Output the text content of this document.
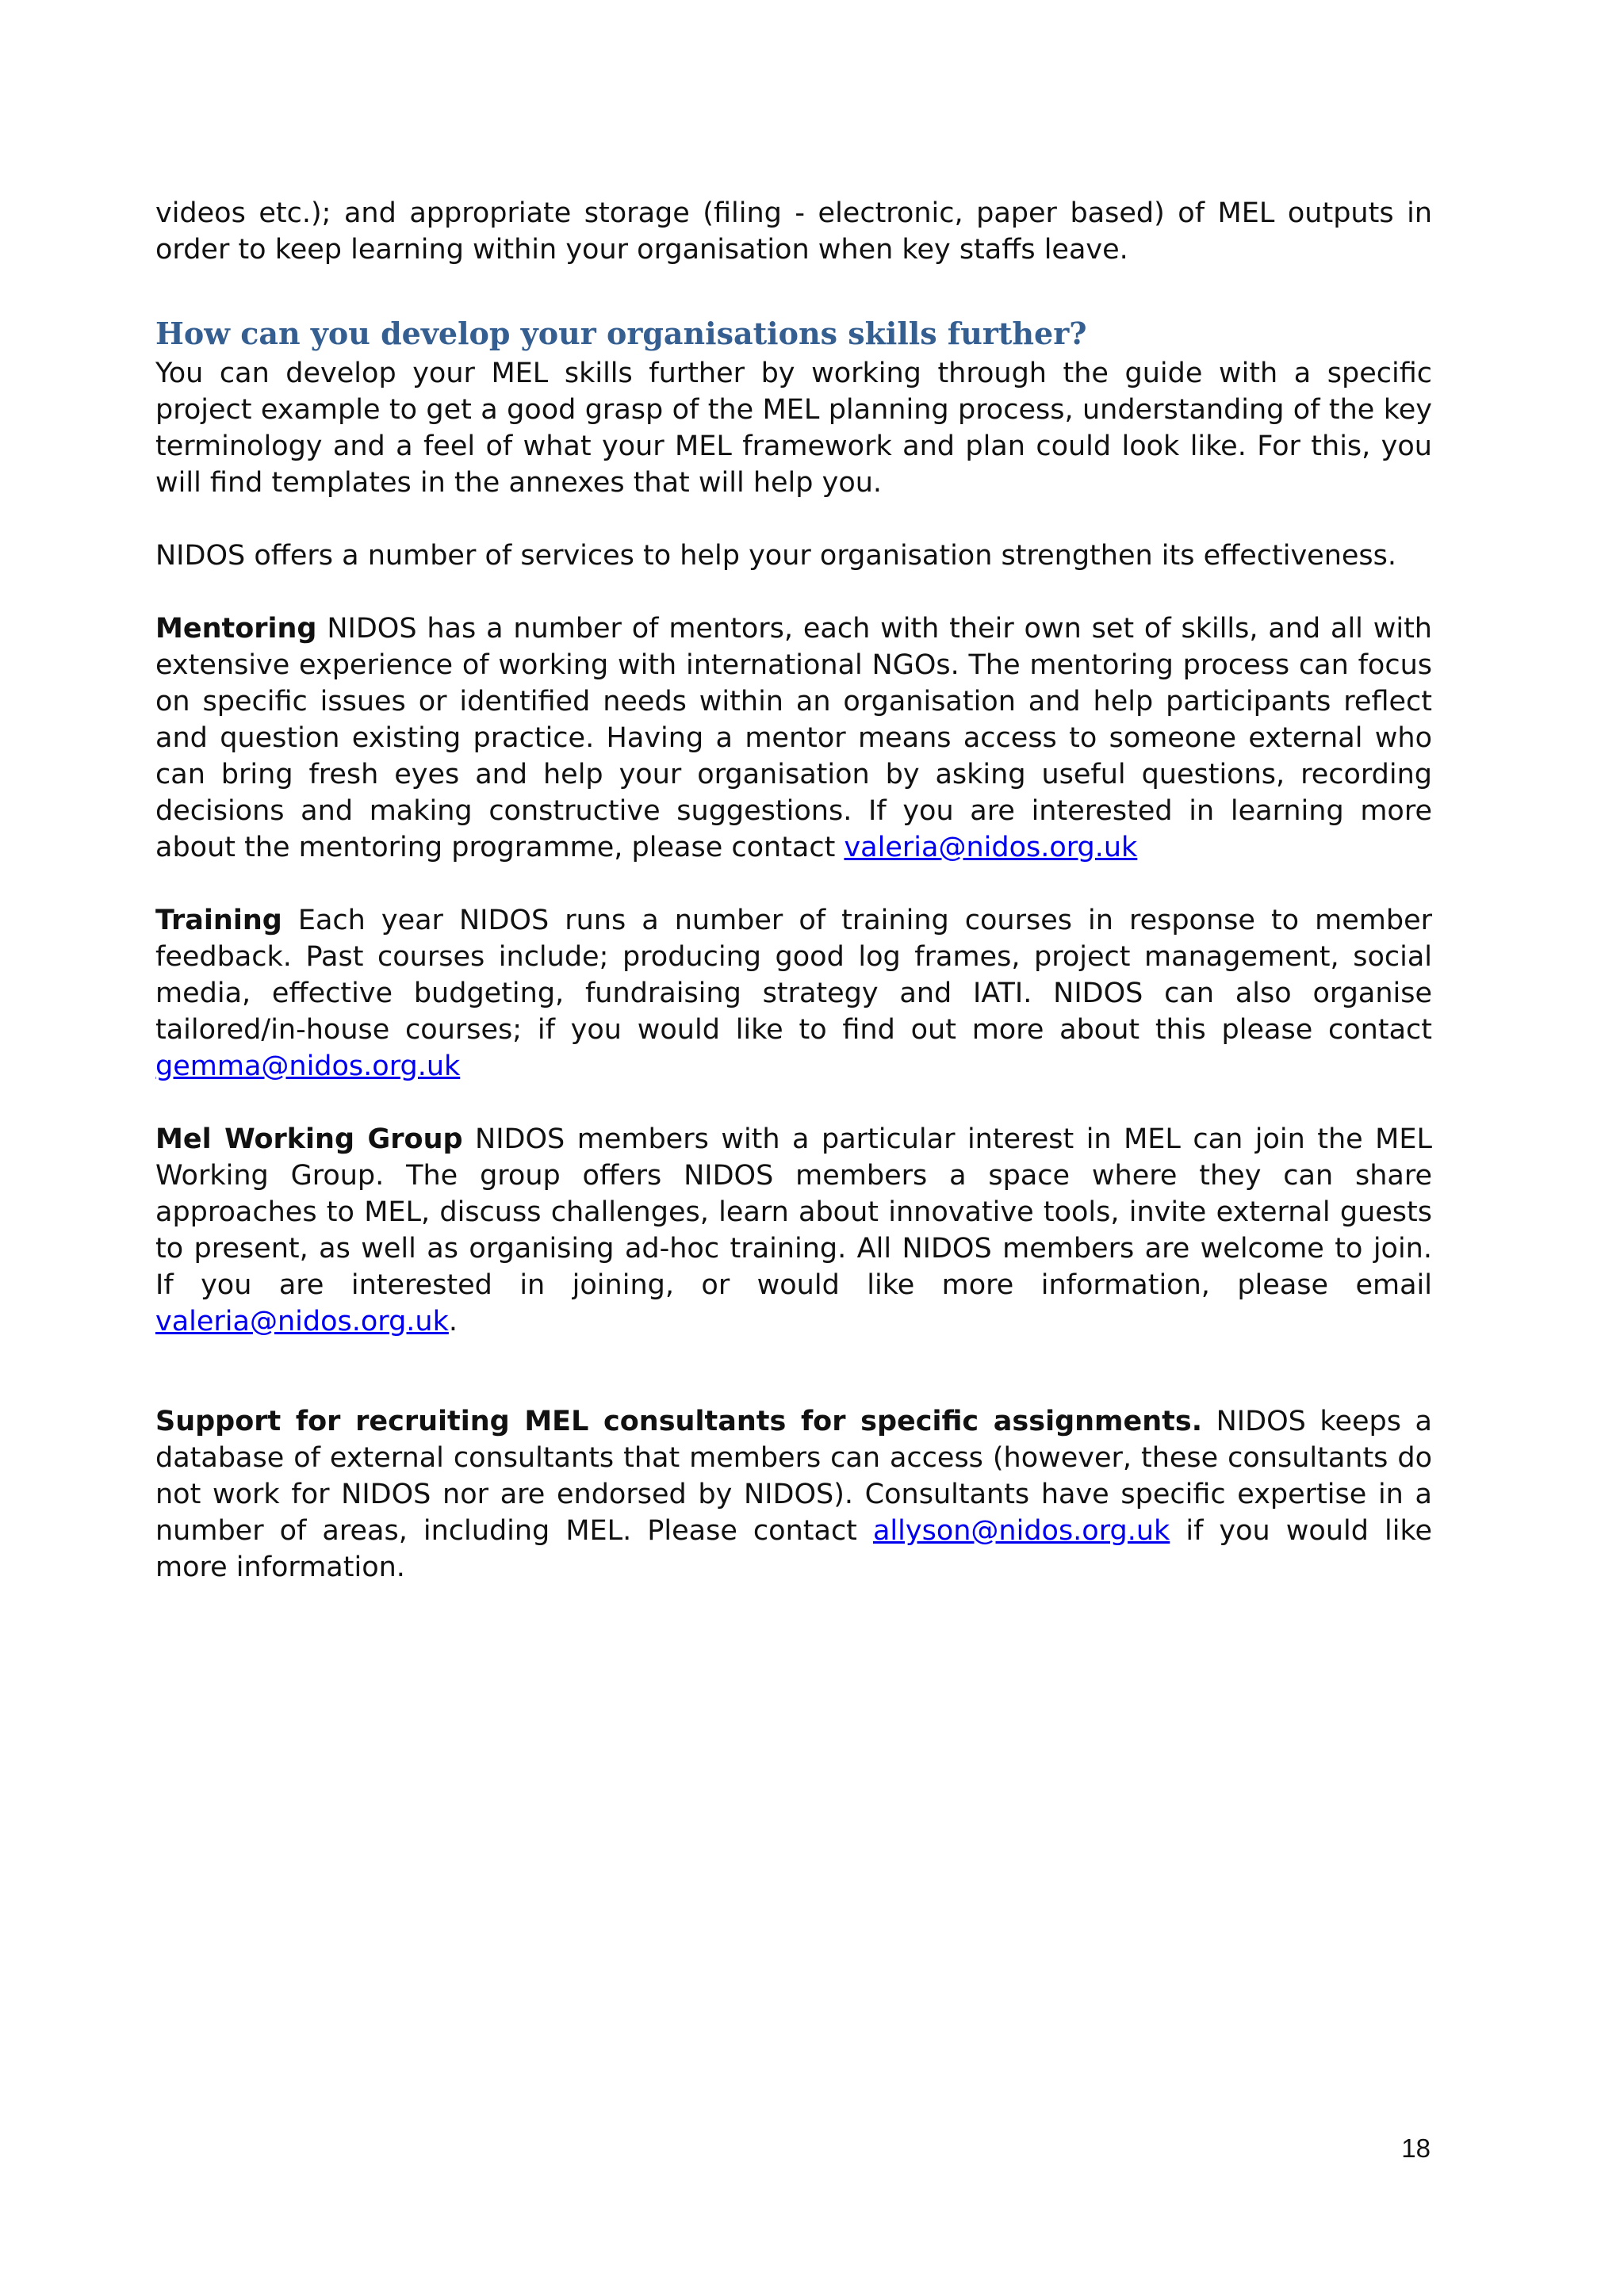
videos etc.); and appropriate storage (filing - electronic, paper based) of MEL outputs in order to keep learning within your organisation when key staffs leave.

How can you develop your organisations skills further?

You can develop your MEL skills further by working through the guide with a specific project example to get a good grasp of the MEL planning process, understanding of the key terminology and a feel of what your MEL framework and plan could look like. For this, you will find templates in the annexes that will help you.

NIDOS offers a number of services to help your organisation strengthen its effectiveness.

Mentoring NIDOS has a number of mentors, each with their own set of skills, and all with extensive experience of working with international NGOs. The mentoring process can focus on specific issues or identified needs within an organisation and help participants reflect and question existing practice. Having a mentor means access to someone external who can bring fresh eyes and help your organisation by asking useful questions, recording decisions and making constructive suggestions. If you are interested in learning more about the mentoring programme, please contact valeria@nidos.org.uk

Training Each year NIDOS runs a number of training courses in response to member feedback. Past courses include; producing good log frames, project management, social media, effective budgeting, fundraising strategy and IATI. NIDOS can also organise tailored/in-house courses; if you would like to find out more about this please contact gemma@nidos.org.uk

Mel Working Group NIDOS members with a particular interest in MEL can join the MEL Working Group. The group offers NIDOS members a space where they can share approaches to MEL, discuss challenges, learn about innovative tools, invite external guests to present, as well as organising ad-hoc training. All NIDOS members are welcome to join. If you are interested in joining, or would like more information, please email valeria@nidos.org.uk.

Support for recruiting MEL consultants for specific assignments. NIDOS keeps a database of external consultants that members can access (however, these consultants do not work for NIDOS nor are endorsed by NIDOS). Consultants have specific expertise in a number of areas, including MEL. Please contact allyson@nidos.org.uk if you would like more information.

18
